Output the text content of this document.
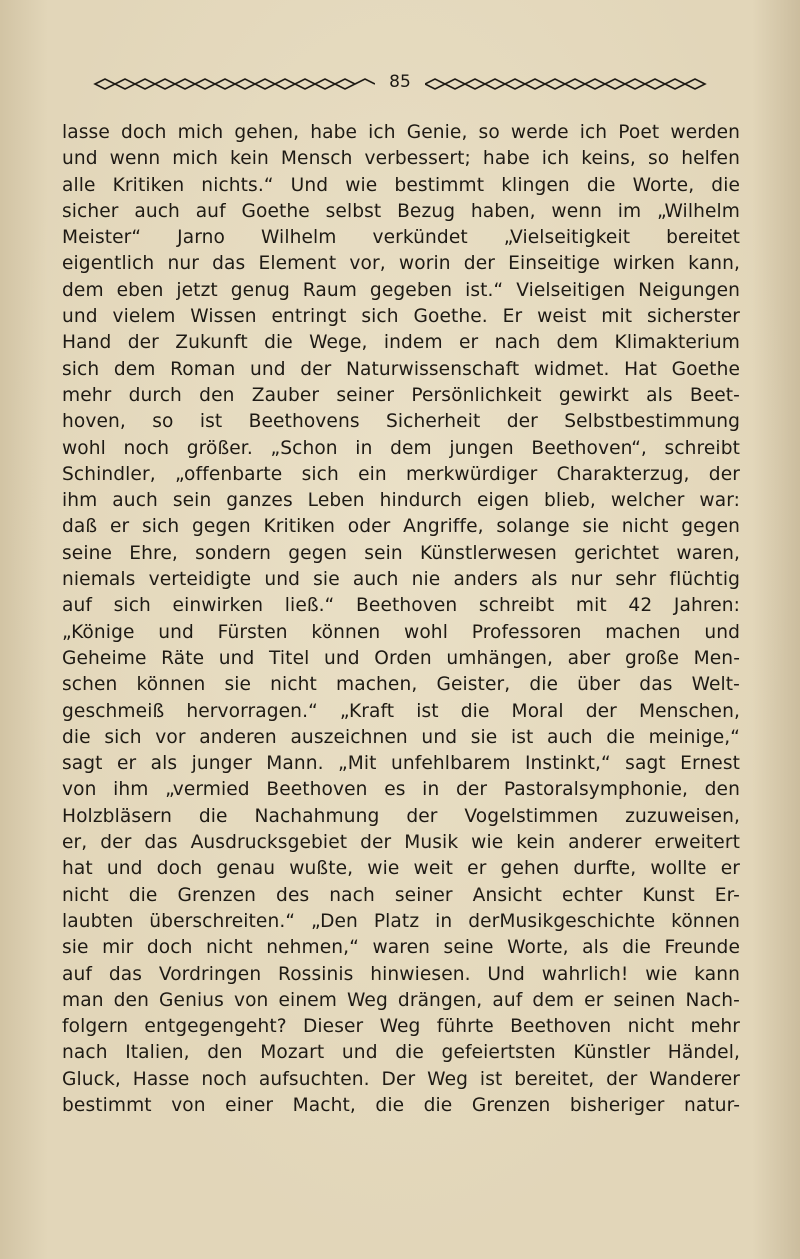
85
lasse doch mich gehen, habe ich Genie, so werde ich Poet werden
und wenn mich kein Mensch verbessert; habe ich keins, so helfen
alle Kritiken nichts.“ Und wie bestimmt klingen die Worte, die
sicher auch auf Goethe selbst Bezug haben, wenn im „Wilhelm
Meister“ Jarno Wilhelm verkündet „Vielseitigkeit bereitet
eigentlich nur das Element vor, worin der Einseitige wirken kann,
dem eben jetzt genug Raum gegeben ist.“ Vielseitigen Neigungen
und vielem Wissen entringt sich Goethe. Er weist mit sicherster
Hand der Zukunft die Wege, indem er nach dem Klimakterium
sich dem Roman und der Naturwissenschaft widmet. Hat Goethe
mehr durch den Zauber seiner Persönlichkeit gewirkt als Beet-
hoven, so ist Beethovens Sicherheit der Selbstbestimmung
wohl noch größer. „Schon in dem jungen Beethoven“, schreibt
Schindler, „offenbarte sich ein merkwürdiger Charakterzug, der
ihm auch sein ganzes Leben hindurch eigen blieb, welcher war:
daß er sich gegen Kritiken oder Angriffe, solange sie nicht gegen
seine Ehre, sondern gegen sein Künstlerwesen gerichtet waren,
niemals verteidigte und sie auch nie anders als nur sehr flüchtig
auf sich einwirken ließ.“ Beethoven schreibt mit 42 Jahren:
„Könige und Fürsten können wohl Professoren machen und
Geheime Räte und Titel und Orden umhängen, aber große Men-
schen können sie nicht machen, Geister, die über das Welt-
geschmeiß hervorragen.“ „Kraft ist die Moral der Menschen,
die sich vor anderen auszeichnen und sie ist auch die meinige,“
sagt er als junger Mann. „Mit unfehlbarem Instinkt,“ sagt Ernest
von ihm „vermied Beethoven es in der Pastoralsymphonie, den
Holzbläsern die Nachahmung der Vogelstimmen zuzuweisen,
er, der das Ausdrucksgebiet der Musik wie kein anderer erweitert
hat und doch genau wußte, wie weit er gehen durfte, wollte er
nicht die Grenzen des nach seiner Ansicht echter Kunst Er-
laubten überschreiten.“ „Den Platz in derMusikgeschichte können
sie mir doch nicht nehmen,“ waren seine Worte, als die Freunde
auf das Vordringen Rossinis hinwiesen. Und wahrlich! wie kann
man den Genius von einem Weg drängen, auf dem er seinen Nach-
folgern entgegengeht? Dieser Weg führte Beethoven nicht mehr
nach Italien, den Mozart und die gefeiertsten Künstler Händel,
Gluck, Hasse noch aufsuchten. Der Weg ist bereitet, der Wanderer
bestimmt von einer Macht, die die Grenzen bisheriger natur-
